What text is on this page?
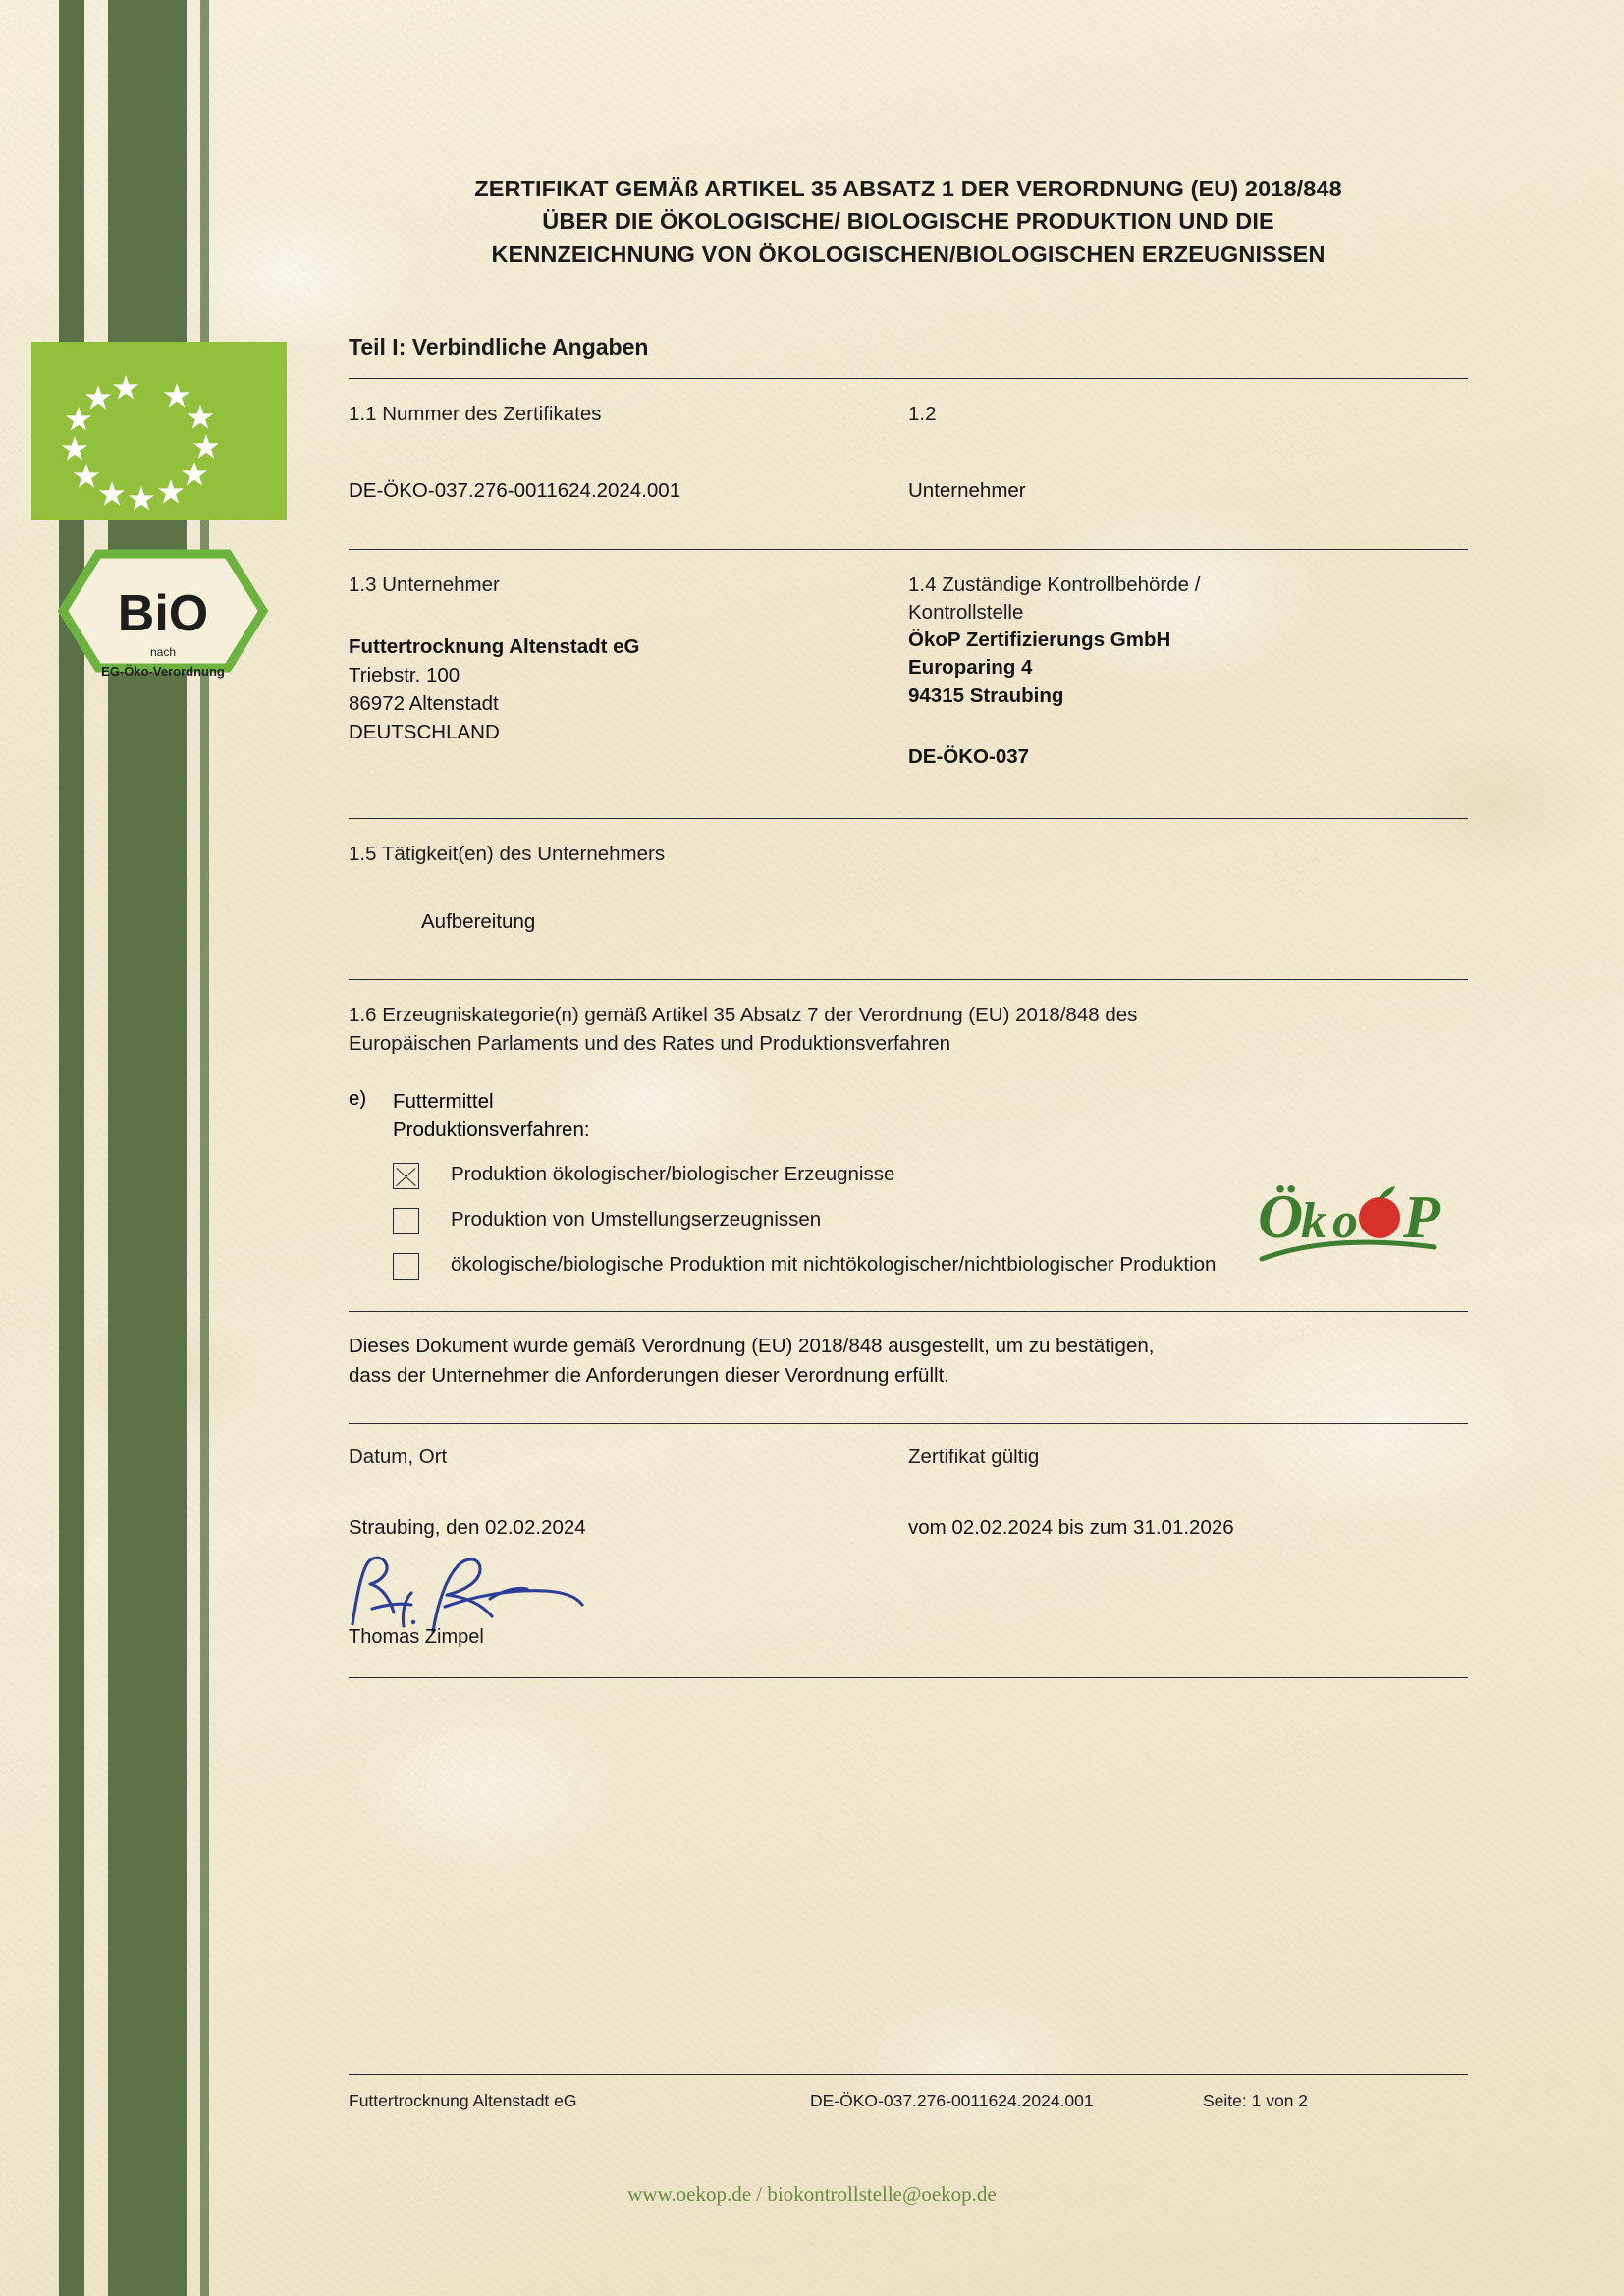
BiO
nach
EG-Öko-Verordnung
ZERTIFIKAT GEMÄß ARTIKEL 35 ABSATZ 1 DER VERORDNUNG (EU) 2018/848
ÜBER DIE ÖKOLOGISCHE/ BIOLOGISCHE PRODUKTION UND DIE
KENNZEICHNUNG VON ÖKOLOGISCHEN/BIOLOGISCHEN ERZEUGNISSEN
Teil I: Verbindliche Angaben
1.1 Nummer des Zertifikates	1.2
DE-ÖKO-037.276-0011624.2024.001	Unternehmer
1.3 Unternehmer
Futtertrocknung Altenstadt eG
Triebstr. 100
86972 Altenstadt
DEUTSCHLAND
1.4 Zuständige Kontrollbehörde /
Kontrollstelle
ÖkoP Zertifizierungs GmbH
Europaring 4
94315 Straubing
DE-ÖKO-037
Ö
k o P
1.5 Tätigkeit(en) des Unternehmers
Aufbereitung
1.6 Erzeugniskategorie(n) gemäß Artikel 35 Absatz 7 der Verordnung (EU) 2018/848 des
Europäischen Parlaments und des Rates und Produktionsverfahren
e)	Futtermittel
Produktionsverfahren:
Produktion ökologischer/biologischer Erzeugnisse
Produktion von Umstellungserzeugnissen
ökologische/biologische Produktion mit nichtökologischer/nichtbiologischer Produktion
Dieses Dokument wurde gemäß Verordnung (EU) 2018/848 ausgestellt, um zu bestätigen,
dass der Unternehmer die Anforderungen dieser Verordnung erfüllt.
Datum, Ort
Straubing, den 02.02.2024
Zertifikat gültig
vom 02.02.2024 bis zum 31.01.2026
Thomas Zimpel
Futtertrocknung Altenstadt eG	DE-ÖKO-037.276-0011624.2024.001	Seite: 1 von 2
www.oekop.de / biokontrollstelle@oekop.de
